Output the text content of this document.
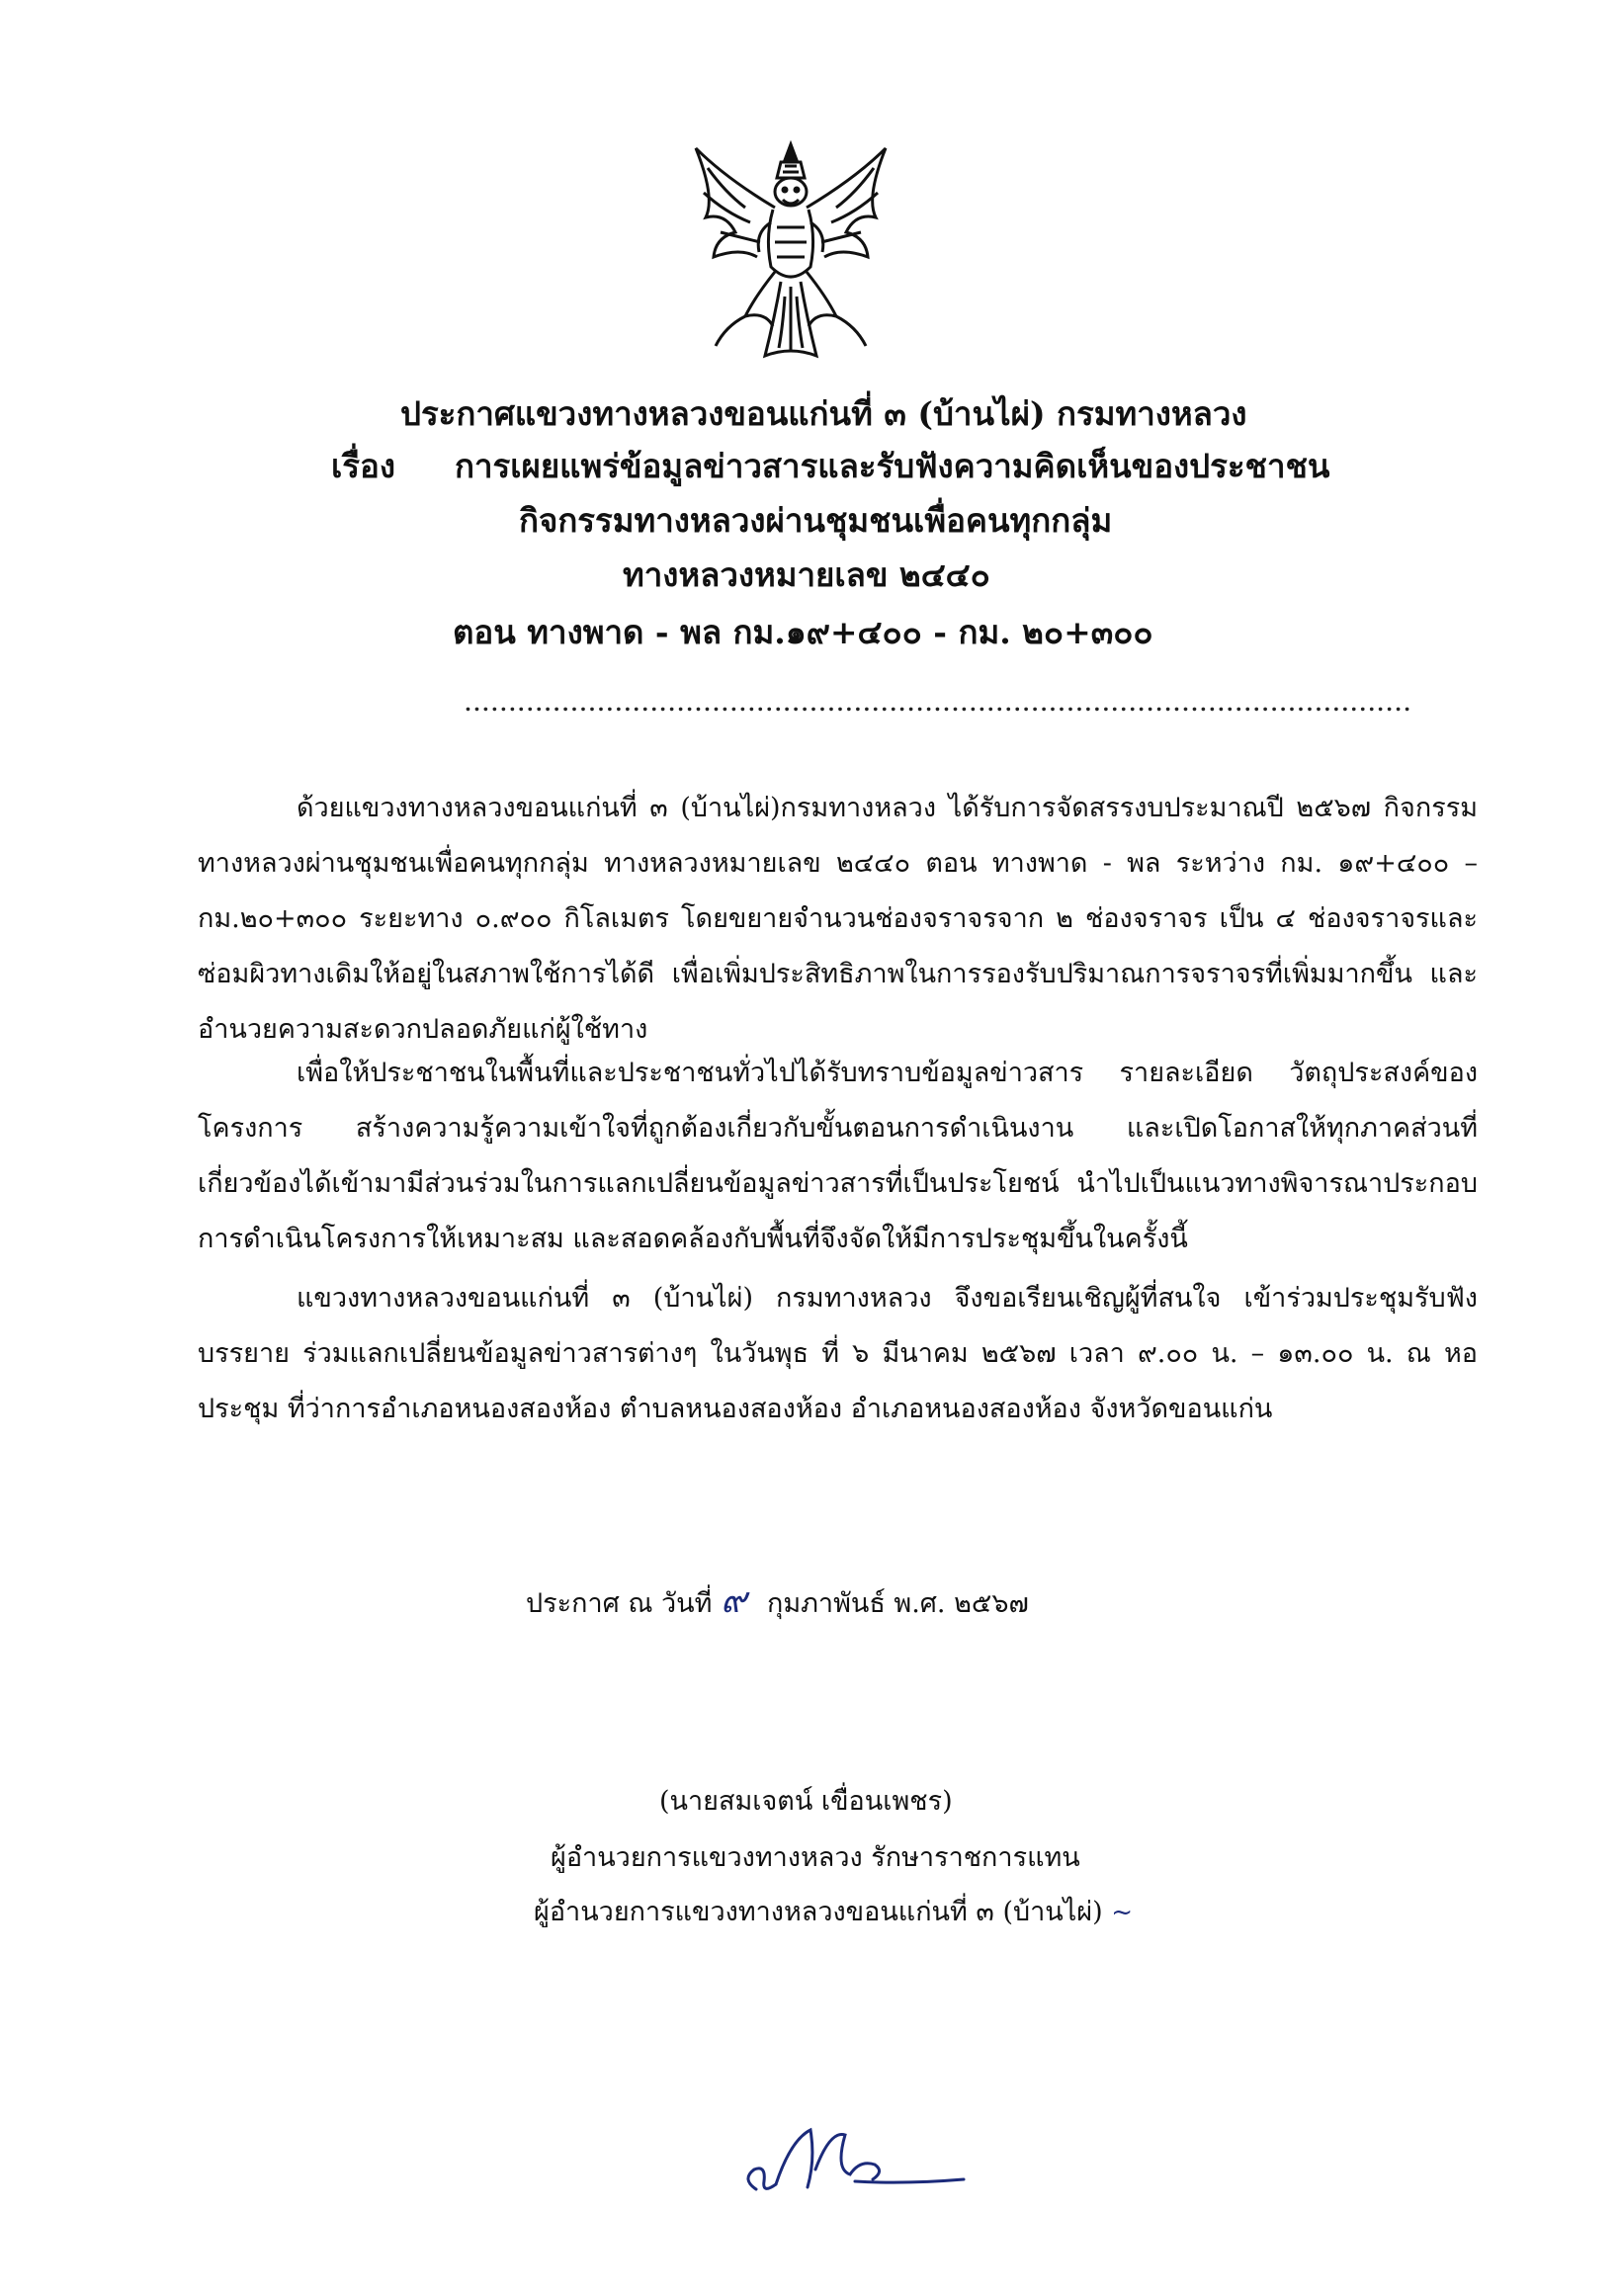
ประกาศแขวงทางหลวงขอนแก่นที่ ๓ (บ้านไผ่) กรมทางหลวง
เรื่อง การเผยแพร่ข้อมูลข่าวสารและรับฟังความคิดเห็นของประชาชน
กิจกรรมทางหลวงผ่านชุมชนเพื่อคนทุกกลุ่ม
ทางหลวงหมายเลข ๒๔๔๐
ตอน ทางพาด - พล กม.๑๙+๔๐๐ - กม. ๒๐+๓๐๐
...........................................................................................................
ด้วยแขวงทางหลวงขอนแก่นที่ ๓ (บ้านไผ่)กรมทางหลวง ได้รับการจัดสรรงบประมาณปี ๒๕๖๗ กิจกรรมทางหลวงผ่านชุมชนเพื่อคนทุกกลุ่ม ทางหลวงหมายเลข ๒๔๔๐ ตอน ทางพาด - พล ระหว่าง กม. ๑๙+๔๐๐ – กม.๒๐+๓๐๐ ระยะทาง ๐.๙๐๐ กิโลเมตร โดยขยายจำนวนช่องจราจรจาก ๒ ช่องจราจร เป็น ๔ ช่องจราจรและซ่อมผิวทางเดิมให้อยู่ในสภาพใช้การได้ดี เพื่อเพิ่มประสิทธิภาพในการรองรับปริมาณการจราจรที่เพิ่มมากขึ้น และอำนวยความสะดวกปลอดภัยแก่ผู้ใช้ทาง
เพื่อให้ประชาชนในพื้นที่และประชาชนทั่วไปได้รับทราบข้อมูลข่าวสาร รายละเอียด วัตถุประสงค์ของโครงการ สร้างความรู้ความเข้าใจที่ถูกต้องเกี่ยวกับขั้นตอนการดำเนินงาน และเปิดโอกาสให้ทุกภาคส่วนที่เกี่ยวข้องได้เข้ามามีส่วนร่วมในการแลกเปลี่ยนข้อมูลข่าวสารที่เป็นประโยชน์ นำไปเป็นแนวทางพิจารณาประกอบการดำเนินโครงการให้เหมาะสม และสอดคล้องกับพื้นที่จึงจัดให้มีการประชุมขึ้นในครั้งนี้
แขวงทางหลวงขอนแก่นที่ ๓ (บ้านไผ่) กรมทางหลวง จึงขอเรียนเชิญผู้ที่สนใจ เข้าร่วมประชุมรับฟังบรรยาย ร่วมแลกเปลี่ยนข้อมูลข่าวสารต่างๆ ในวันพุธ ที่ ๖ มีนาคม ๒๕๖๗ เวลา ๙.๐๐ น. – ๑๓.๐๐ น. ณ หอประชุม ที่ว่าการอำเภอหนองสองห้อง ตำบลหนองสองห้อง อำเภอหนองสองห้อง จังหวัดขอนแก่น
ประกาศ ณ วันที่ ๙ กุมภาพันธ์ พ.ศ. ๒๕๖๗
(นายสมเจตน์ เขื่อนเพชร)
ผู้อำนวยการแขวงทางหลวง รักษาราชการแทน
ผู้อำนวยการแขวงทางหลวงขอนแก่นที่ ๓ (บ้านไผ่) ~
